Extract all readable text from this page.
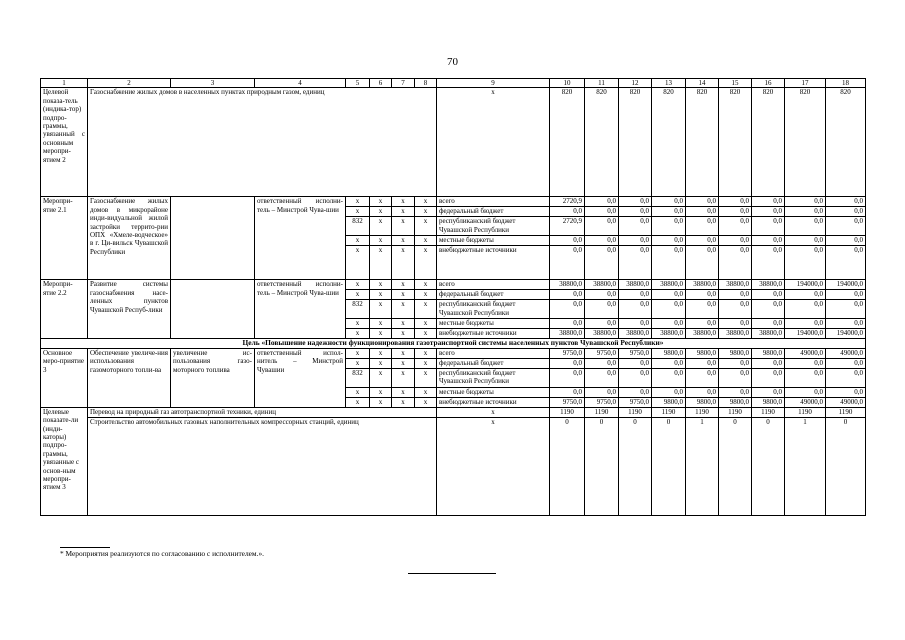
70
1	2	3	4	5	6	7	8	9	10	11	12	13	14	15	16	17	18
Целевой показа-тель (индика-тор) подпро-граммы, увязанный с основным меропри-ятием 2	Газоснабжение жилых домов в населенных пунктах природным газом, единиц							х	820	820	820	820	820	820	820	820	820
Меропри-ятие 2.1	Газоснабжение жилых домов в микрорайоне инди-видуальной жилой застройки террито-рии ОПХ «Хмеле-водческое» в г. Ци-вильск Чувашской Республики		ответственный исполни-тель – Минстрой Чува-шии	х	х	х	х	всего	2720,9	0,0	0,0	0,0	0,0	0,0	0,0	0,0	0,0
				х	х	х	х	федеральный бюджет	0,0	0,0	0,0	0,0	0,0	0,0	0,0	0,0	0,0
				832	х	х	х	республиканский бюджет Чувашской Республики	2720,9	0,0	0,0	0,0	0,0	0,0	0,0	0,0	0,0
				х	х	х	х	местные бюджеты	0,0	0,0	0,0	0,0	0,0	0,0	0,0	0,0	0,0
				х	х	х	х	внебюджетные источники	0,0	0,0	0,0	0,0	0,0	0,0	0,0	0,0	0,0
Меропри-ятие 2.2	Развитие системы газоснабжения насе-ленных пунктов Чувашской Респуб-лики		ответственный исполни-тель – Минстрой Чува-шии	х	х	х	х	всего	38800,0	38800,0	38800,0	38800,0	38800,0	38800,0	38800,0	194000,0	194000,0
				х	х	х	х	федеральный бюджет	0,0	0,0	0,0	0,0	0,0	0,0	0,0	0,0	0,0
				832	х	х	х	республиканский бюджет Чувашской Республики	0,0	0,0	0,0	0,0	0,0	0,0	0,0	0,0	0,0
				х	х	х	х	местные бюджеты	0,0	0,0	0,0	0,0	0,0	0,0	0,0	0,0	0,0
				х	х	х	х	внебюджетные источники	38800,0	38800,0	38800,0	38800,0	38800,0	38800,0	38800,0	194000,0	194000,0
Цель «Повышение надежности функционирования газотранспортной системы населенных пунктов Чувашской Республики»																	
Основное меро-приятие 3	Обеспечение увеличе-ния использования газомоторного топли-ва	увеличение ис-пользования газо-моторного топлива	ответственный испол-нитель – Минстрой Чувашии	х	х	х	х	всего	9750,0	9750,0	9750,0	9800,0	9800,0	9800,0	9800,0	49000,0	49000,0
				х	х	х	х	федеральный бюджет	0,0	0,0	0,0	0,0	0,0	0,0	0,0	0,0	0,0
				832	х	х	х	республиканский бюджет Чувашской Республики	0,0	0,0	0,0	0,0	0,0	0,0	0,0	0,0	0,0
				х	х	х	х	местные бюджеты	0,0	0,0	0,0	0,0	0,0	0,0	0,0	0,0	0,0
				х	х	х	х	внебюджетные источники	9750,0	9750,0	9750,0	9800,0	9800,0	9800,0	9800,0	49000,0	49000,0
Целевые показате-ли (инди-каторы) подпро-граммы, увязанные с основ-ным меропри-ятием 3	Перевод на природный газ автотранспортной техники, единиц							х	1190	1190	1190	1190	1190	1190	1190	1190	1190
	Строительство автомобильных газовых наполнительных компрессорных станций, единиц							х	0	0	0	0	1	0	0	1	0
* Мероприятия реализуются по согласованию с исполнителем.».
